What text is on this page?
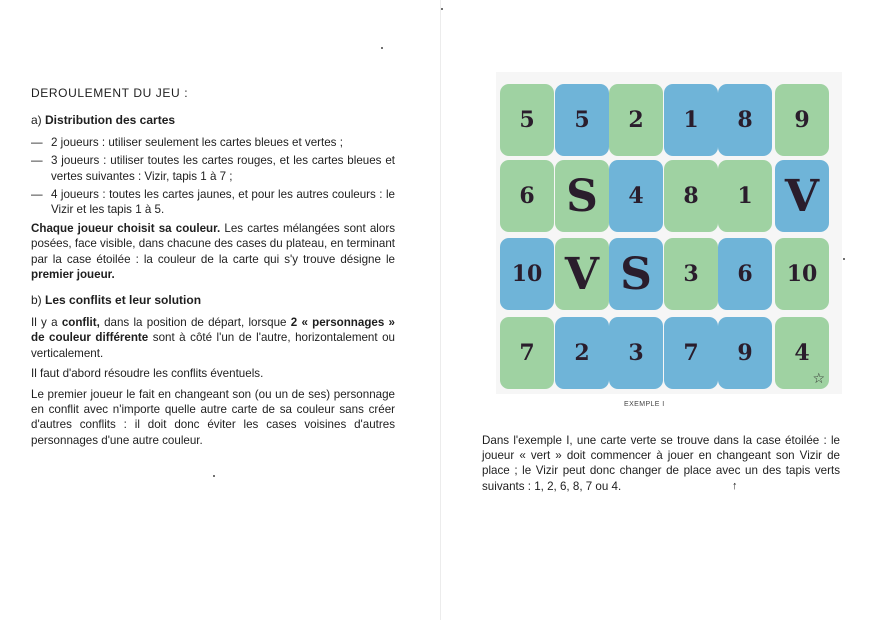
DEROULEMENT DU JEU :

a) Distribution des cartes

— 2 joueurs : utiliser seulement les cartes bleues et vertes ;
— 3 joueurs : utiliser toutes les cartes rouges, et les cartes bleues et vertes suivantes : Vizir, tapis 1 à 7 ;
— 4 joueurs : toutes les cartes jaunes, et pour les autres couleurs : le Vizir et les tapis 1 à 5.

Chaque joueur choisit sa couleur. Les cartes mélangées sont alors posées, face visible, dans chacune des cases du plateau, en terminant par la case étoilée : la couleur de la carte qui s'y trouve désigne le premier joueur.

b) Les conflits et leur solution

Il y a conflit, dans la position de départ, lorsque 2 « personnages » de couleur différente sont à côté l'un de l'autre, horizontalement ou verticalement.

Il faut d'abord résoudre les conflits éventuels.

Le premier joueur le fait en changeant son (ou un de ses) personnage en conflit avec n'importe quelle autre carte de sa couleur sans créer d'autres conflits : il doit donc éviter les cases voisines d'autres personnages d'une autre couleur.

5 5 2 1 8 9
6 S 4 8 1 V
10 V S 3 6 10
7 2 3 7 9 4
☆
EXEMPLE I

Dans l'exemple I, une carte verte se trouve dans la case étoilée : le joueur « vert » doit commencer à jouer en changeant son Vizir de place ; le Vizir peut donc changer de place avec un des tapis verts suivants : 1, 2, 6, 8, 7 ou 4.	↑
